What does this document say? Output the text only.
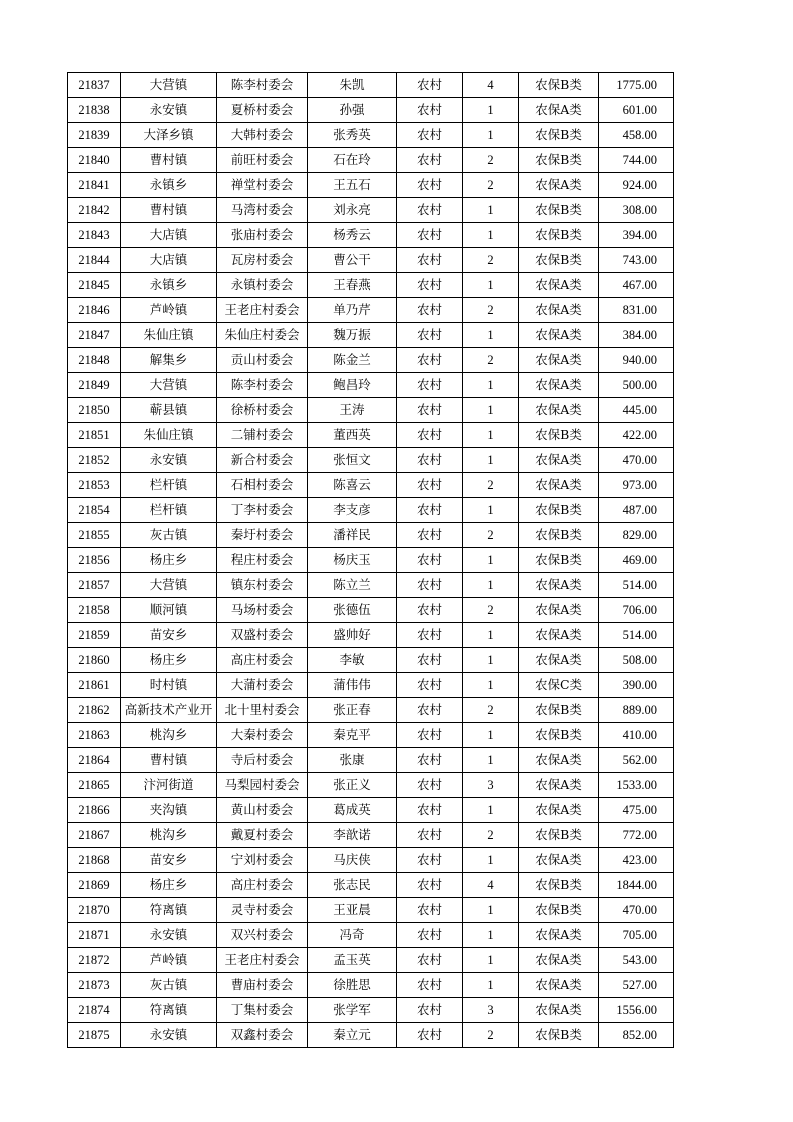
21837	大营镇	陈李村委会	朱凯	农村	4	农保B类	1775.00
21838	永安镇	夏桥村委会	孙强	农村	1	农保A类	601.00
21839	大泽乡镇	大韩村委会	张秀英	农村	1	农保B类	458.00
21840	曹村镇	前旺村委会	石在玲	农村	2	农保B类	744.00
21841	永镇乡	禅堂村委会	王五石	农村	2	农保A类	924.00
21842	曹村镇	马湾村委会	刘永亮	农村	1	农保B类	308.00
21843	大店镇	张庙村委会	杨秀云	农村	1	农保B类	394.00
21844	大店镇	瓦房村委会	曹公干	农村	2	农保B类	743.00
21845	永镇乡	永镇村委会	王春燕	农村	1	农保A类	467.00
21846	芦岭镇	王老庄村委会	单乃芹	农村	2	农保A类	831.00
21847	朱仙庄镇	朱仙庄村委会	魏万振	农村	1	农保A类	384.00
21848	解集乡	贡山村委会	陈金兰	农村	2	农保A类	940.00
21849	大营镇	陈李村委会	鲍昌玲	农村	1	农保A类	500.00
21850	蕲县镇	徐桥村委会	王涛	农村	1	农保A类	445.00
21851	朱仙庄镇	二铺村委会	董西英	农村	1	农保B类	422.00
21852	永安镇	新合村委会	张恒文	农村	1	农保A类	470.00
21853	栏杆镇	石相村委会	陈喜云	农村	2	农保A类	973.00
21854	栏杆镇	丁李村委会	李支彦	农村	1	农保B类	487.00
21855	灰古镇	秦圩村委会	潘祥民	农村	2	农保B类	829.00
21856	杨庄乡	程庄村委会	杨庆玉	农村	1	农保B类	469.00
21857	大营镇	镇东村委会	陈立兰	农村	1	农保A类	514.00
21858	顺河镇	马场村委会	张德伍	农村	2	农保A类	706.00
21859	苗安乡	双盛村委会	盛帅好	农村	1	农保A类	514.00
21860	杨庄乡	高庄村委会	李敏	农村	1	农保A类	508.00
21861	时村镇	大蒲村委会	蒲伟伟	农村	1	农保C类	390.00
21862	高新技术产业开	北十里村委会	张正春	农村	2	农保B类	889.00
21863	桃沟乡	大秦村委会	秦克平	农村	1	农保B类	410.00
21864	曹村镇	寺后村委会	张康	农村	1	农保A类	562.00
21865	汴河街道	马梨园村委会	张正义	农村	3	农保A类	1533.00
21866	夹沟镇	黄山村委会	葛成英	农村	1	农保A类	475.00
21867	桃沟乡	戴夏村委会	李歆诺	农村	2	农保B类	772.00
21868	苗安乡	宁刘村委会	马庆侠	农村	1	农保A类	423.00
21869	杨庄乡	高庄村委会	张志民	农村	4	农保B类	1844.00
21870	符离镇	灵寺村委会	王亚晨	农村	1	农保B类	470.00
21871	永安镇	双兴村委会	冯奇	农村	1	农保A类	705.00
21872	芦岭镇	王老庄村委会	孟玉英	农村	1	农保A类	543.00
21873	灰古镇	曹庙村委会	徐胜思	农村	1	农保A类	527.00
21874	符离镇	丁集村委会	张学军	农村	3	农保A类	1556.00
21875	永安镇	双鑫村委会	秦立元	农村	2	农保B类	852.00
